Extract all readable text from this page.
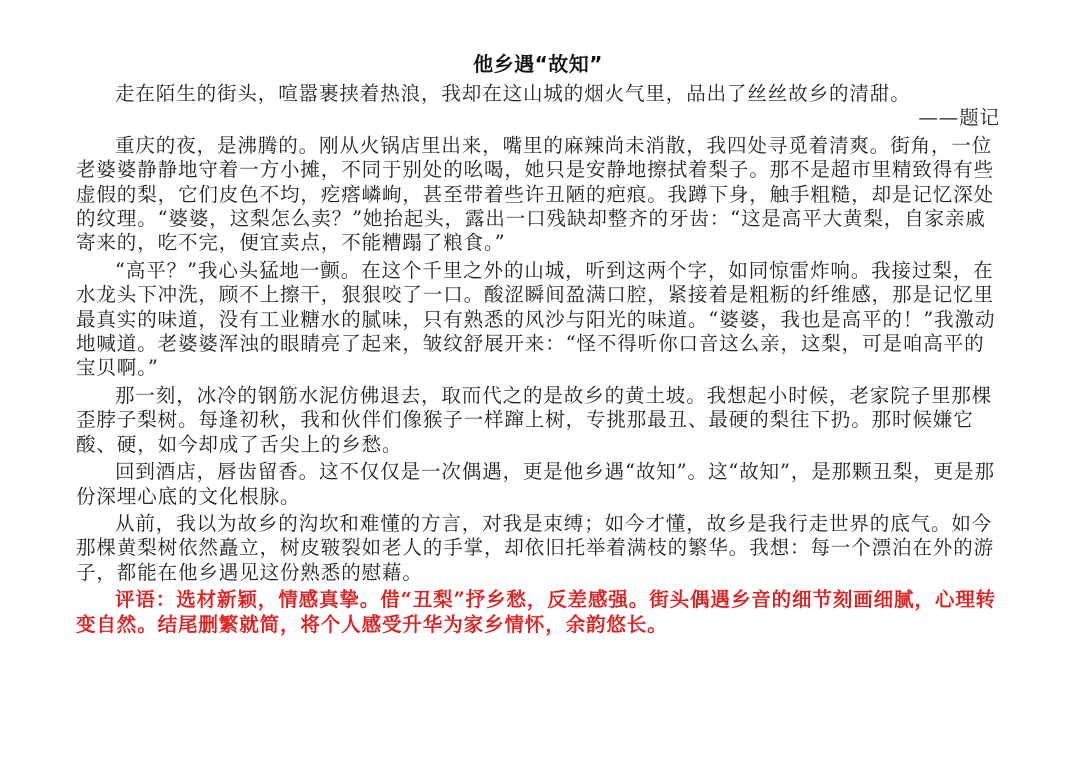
他乡遇“故知”

走在陌生的街头，喧嚣裹挟着热浪，我却在这山城的烟火气里，品出了丝丝故乡的清甜。

——题记

重庆的夜，是沸腾的。刚从火锅店里出来，嘴里的麻辣尚未消散，我四处寻觅着清爽。街角，一位老婆婆静静地守着一方小摊，不同于别处的吆喝，她只是安静地擦拭着梨子。那不是超市里精致得有些虚假的梨，它们皮色不均，疙瘩嶙峋，甚至带着些许丑陋的疤痕。我蹲下身，触手粗糙，却是记忆深处的纹理。“婆婆，这梨怎么卖？”她抬起头，露出一口残缺却整齐的牙齿：“这是高平大黄梨，自家亲戚寄来的，吃不完，便宜卖点，不能糟蹋了粮食。”

“高平？”我心头猛地一颤。在这个千里之外的山城，听到这两个字，如同惊雷炸响。我接过梨，在水龙头下冲洗，顾不上擦干，狠狠咬了一口。酸涩瞬间盈满口腔，紧接着是粗粝的纤维感，那是记忆里最真实的味道，没有工业糖水的腻味，只有熟悉的风沙与阳光的味道。“婆婆，我也是高平的！”我激动地喊道。老婆婆浑浊的眼睛亮了起来，皱纹舒展开来：“怪不得听你口音这么亲，这梨，可是咱高平的宝贝啊。”

那一刻，冰冷的钢筋水泥仿佛退去，取而代之的是故乡的黄土坡。我想起小时候，老家院子里那棵歪脖子梨树。每逢初秋，我和伙伴们像猴子一样蹿上树，专挑那最丑、最硬的梨往下扔。那时候嫌它酸、硬，如今却成了舌尖上的乡愁。

回到酒店，唇齿留香。这不仅仅是一次偶遇，更是他乡遇“故知”。这“故知”，是那颗丑梨，更是那份深埋心底的文化根脉。

从前，我以为故乡的沟坎和难懂的方言，对我是束缚；如今才懂，故乡是我行走世界的底气。如今那棵黄梨树依然矗立，树皮皲裂如老人的手掌，却依旧托举着满枝的繁华。我想：每一个漂泊在外的游子，都能在他乡遇见这份熟悉的慰藉。

评语：选材新颖，情感真挚。借“丑梨”抒乡愁，反差感强。街头偶遇乡音的细节刻画细腻，心理转变自然。结尾删繁就简，将个人感受升华为家乡情怀，余韵悠长。
